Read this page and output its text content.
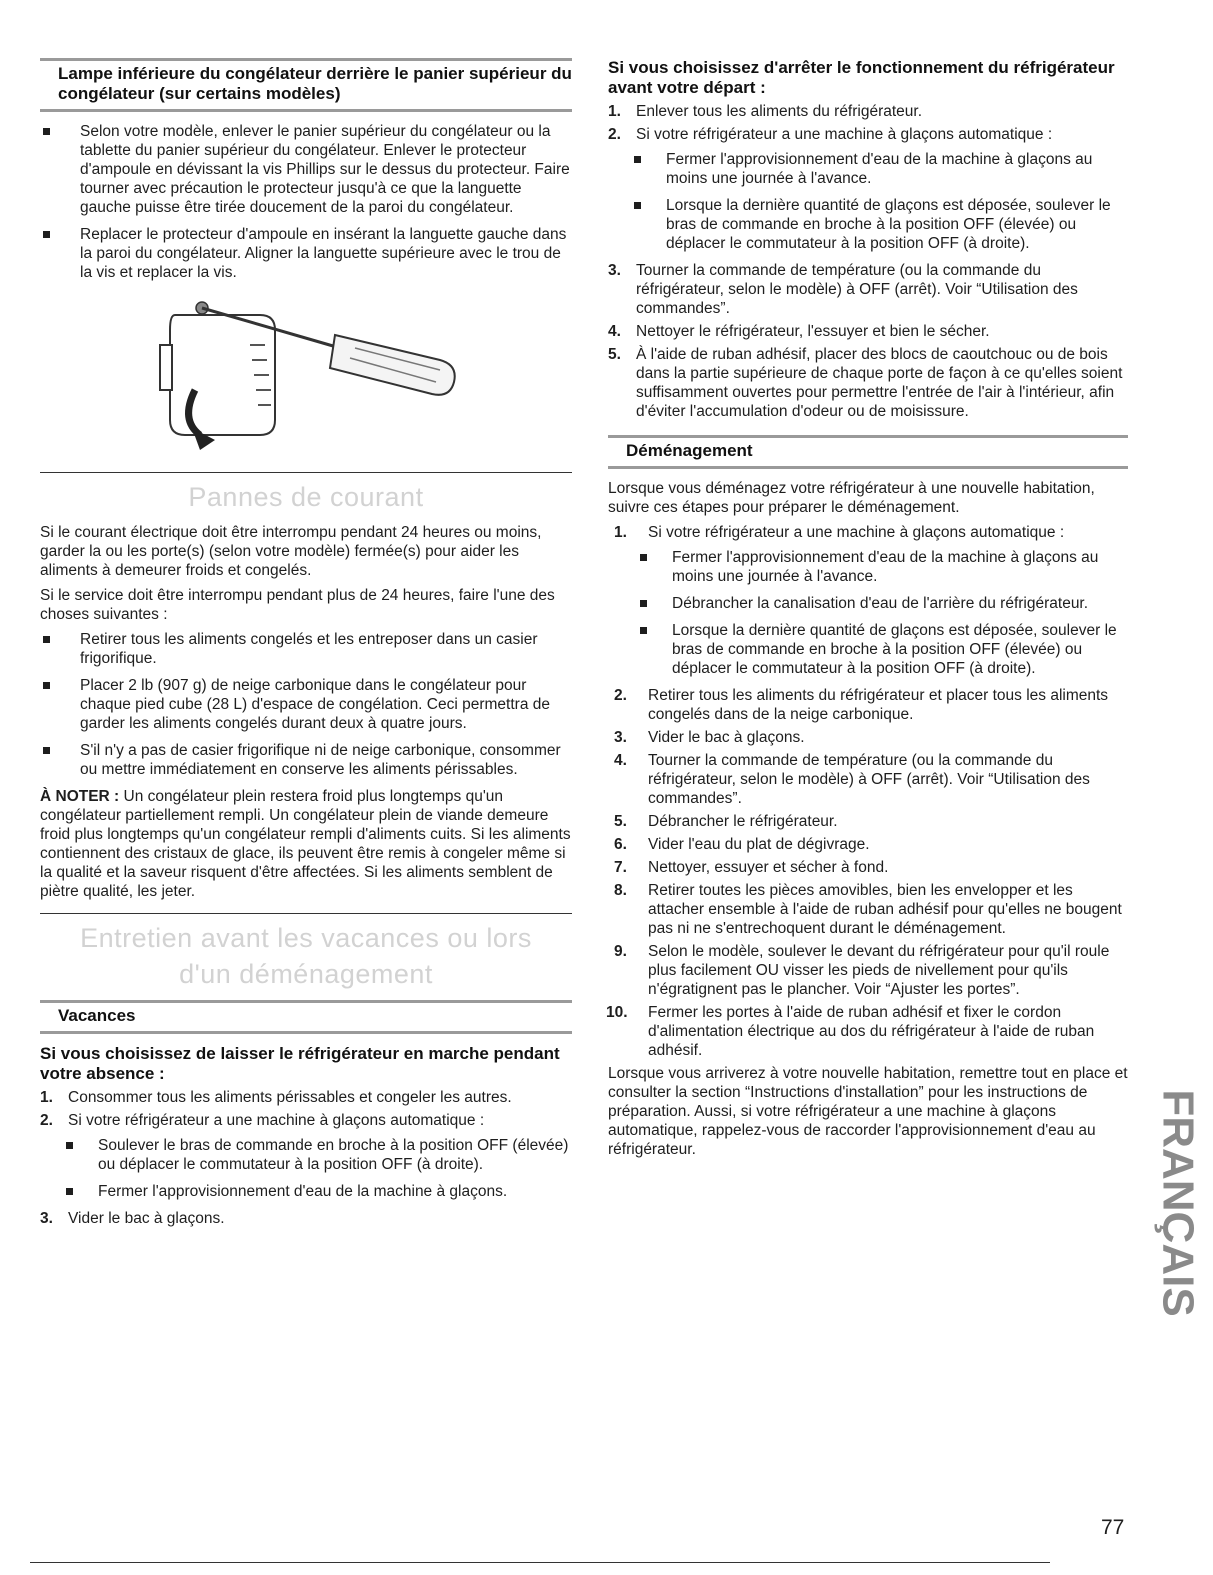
Lampe inférieure du congélateur derrière le panier supérieur du congélateur (sur certains modèles)
Selon votre modèle, enlever le panier supérieur du congélateur ou la tablette du panier supérieur du congélateur. Enlever le protecteur d'ampoule en dévissant la vis Phillips sur le dessus du protecteur. Faire tourner avec précaution le protecteur jusqu'à ce que la languette gauche puisse être tirée doucement de la paroi du congélateur.
Replacer le protecteur d'ampoule en insérant la languette gauche dans la paroi du congélateur. Aligner la languette supérieure avec le trou de la vis et replacer la vis.
Pannes de courant

Si le courant électrique doit être interrompu pendant 24 heures ou moins, garder la ou les porte(s) (selon votre modèle) fermée(s) pour aider les aliments à demeurer froids et congelés.

Si le service doit être interrompu pendant plus de 24 heures, faire l'une des choses suivantes :

Retirer tous les aliments congelés et les entreposer dans un casier frigorifique.
Placer 2 lb (907 g) de neige carbonique dans le congélateur pour chaque pied cube (28 L) d'espace de congélation. Ceci permettra de garder les aliments congelés durant deux à quatre jours.
S'il n'y a pas de casier frigorifique ni de neige carbonique, consommer ou mettre immédiatement en conserve les aliments périssables.

À NOTER : Un congélateur plein restera froid plus longtemps qu'un congélateur partiellement rempli. Un congélateur plein de viande demeure froid plus longtemps qu'un congélateur rempli d'aliments cuits. Si les aliments contiennent des cristaux de glace, ils peuvent être remis à congeler même si la qualité et la saveur risquent d'être affectées. Si les aliments semblent de piètre qualité, les jeter.

Entretien avant les vacances ou lors
d'un déménagement
Vacances
Si vous choisissez de laisser le réfrigérateur en marche pendant votre absence :
1. Consommer tous les aliments périssables et congeler les autres.
2. Si votre réfrigérateur a une machine à glaçons automatique :
Soulever le bras de commande en broche à la position OFF (élevée) ou déplacer le commutateur à la position OFF (à droite).
Fermer l'approvisionnement d'eau de la machine à glaçons.
3. Vider le bac à glaçons.
Si vous choisissez d'arrêter le fonctionnement du réfrigérateur avant votre départ :
1. Enlever tous les aliments du réfrigérateur.
2. Si votre réfrigérateur a une machine à glaçons automatique :
Fermer l'approvisionnement d'eau de la machine à glaçons au moins une journée à l'avance.
Lorsque la dernière quantité de glaçons est déposée, soulever le bras de commande en broche à la position OFF (élevée) ou déplacer le commutateur à la position OFF (à droite).
3. Tourner la commande de température (ou la commande du réfrigérateur, selon le modèle) à OFF (arrêt). Voir “Utilisation des commandes”.
4. Nettoyer le réfrigérateur, l'essuyer et bien le sécher.
5. À l'aide de ruban adhésif, placer des blocs de caoutchouc ou de bois dans la partie supérieure de chaque porte de façon à ce qu'elles soient suffisamment ouvertes pour permettre l'entrée de l'air à l'intérieur, afin d'éviter l'accumulation d'odeur ou de moisissure.
Déménagement

Lorsque vous déménagez votre réfrigérateur à une nouvelle habitation, suivre ces étapes pour préparer le déménagement.

1. Si votre réfrigérateur a une machine à glaçons automatique :
Fermer l'approvisionnement d'eau de la machine à glaçons au moins une journée à l'avance.
Débrancher la canalisation d'eau de l'arrière du réfrigérateur.
Lorsque la dernière quantité de glaçons est déposée, soulever le bras de commande en broche à la position OFF (élevée) ou déplacer le commutateur à la position OFF (à droite).
2. Retirer tous les aliments du réfrigérateur et placer tous les aliments congelés dans de la neige carbonique.
3. Vider le bac à glaçons.
4. Tourner la commande de température (ou la commande du réfrigérateur, selon le modèle) à OFF (arrêt). Voir “Utilisation des commandes”.
5. Débrancher le réfrigérateur.
6. Vider l'eau du plat de dégivrage.
7. Nettoyer, essuyer et sécher à fond.
8. Retirer toutes les pièces amovibles, bien les envelopper et les attacher ensemble à l'aide de ruban adhésif pour qu'elles ne bougent pas ni ne s'entrechoquent durant le déménagement.
9. Selon le modèle, soulever le devant du réfrigérateur pour qu'il roule plus facilement OU visser les pieds de nivellement pour qu'ils n'égratignent pas le plancher. Voir “Ajuster les portes”.
10. Fermer les portes à l'aide de ruban adhésif et fixer le cordon d'alimentation électrique au dos du réfrigérateur à l'aide de ruban adhésif.

Lorsque vous arriverez à votre nouvelle habitation, remettre tout en place et consulter la section “Instructions d'installation” pour les instructions de préparation. Aussi, si votre réfrigérateur a une machine à glaçons automatique, rappelez-vous de raccorder l'approvisionnement d'eau au réfrigérateur.	FRANÇAIS
77
